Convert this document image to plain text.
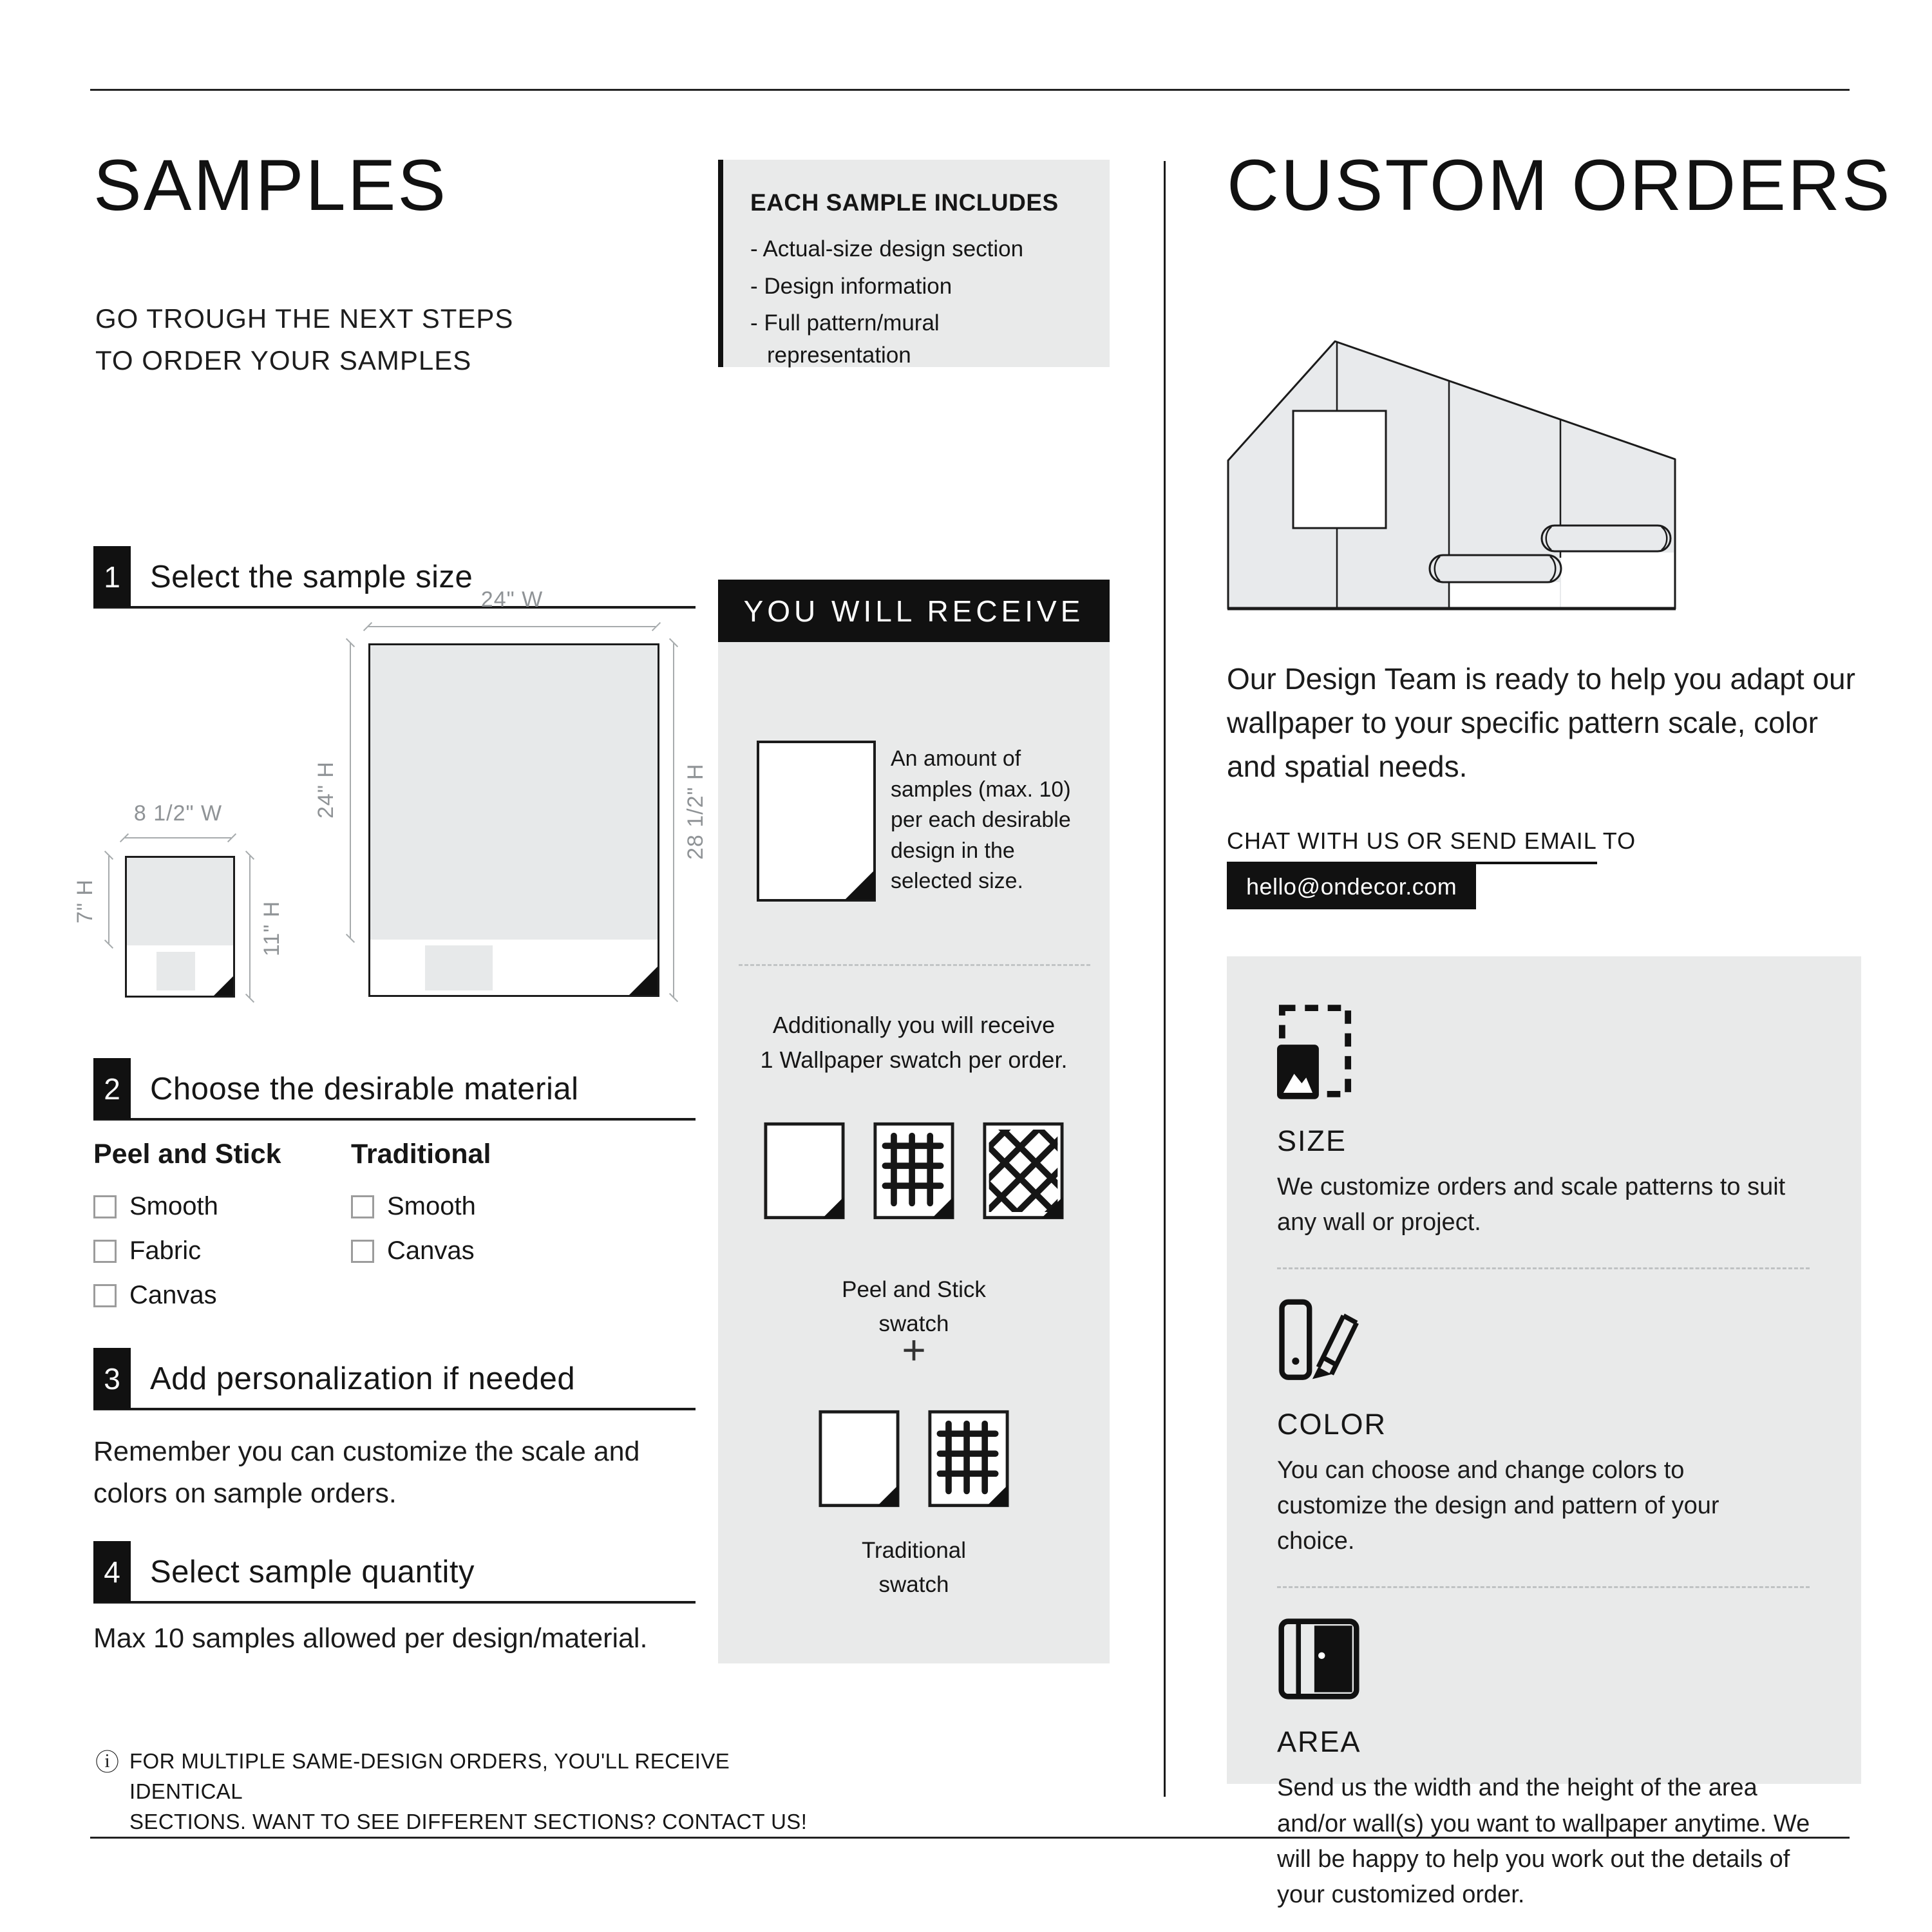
SAMPLES
GO TROUGH THE NEXT STEPS
TO ORDER YOUR SAMPLES
EACH SAMPLE INCLUDES
- Actual-size design section
- Design information
- Full pattern/mural representation
1 Select the sample size
24" W
24" H	28 1/2" H
8 1/2" W
7" H	11" H
2 Choose the desirable material
Peel and Stick
Smooth
Fabric
Canvas
Traditional
Smooth
Canvas
3 Add personalization if needed
Remember you can customize the scale and colors on sample orders.
4 Select sample quantity
Max 10 samples allowed per design/material.
ⓘ FOR MULTIPLE SAME-DESIGN ORDERS, YOU'LL RECEIVE IDENTICAL
SECTIONS. WANT TO SEE DIFFERENT SECTIONS? CONTACT US!
YOU WILL RECEIVE
An amount of samples (max. 10) per each desirable design in the selected size.
Additionally you will receive
1 Wallpaper swatch per order.
Peel and Stick
swatch
+
Traditional
swatch
CUSTOM ORDERS
Our Design Team is ready to help you adapt our wallpaper to your specific pattern scale, color and spatial needs.
CHAT WITH US OR SEND EMAIL TO
hello@ondecor.com
SIZE

We customize orders and scale patterns to suit any wall or project.

COLOR

You can choose and change colors to customize the design and pattern of your choice.

AREA

Send us the width and the height of the area and/or wall(s) you want to wallpaper anytime. We will be happy to help you work out the details of your customized order.
